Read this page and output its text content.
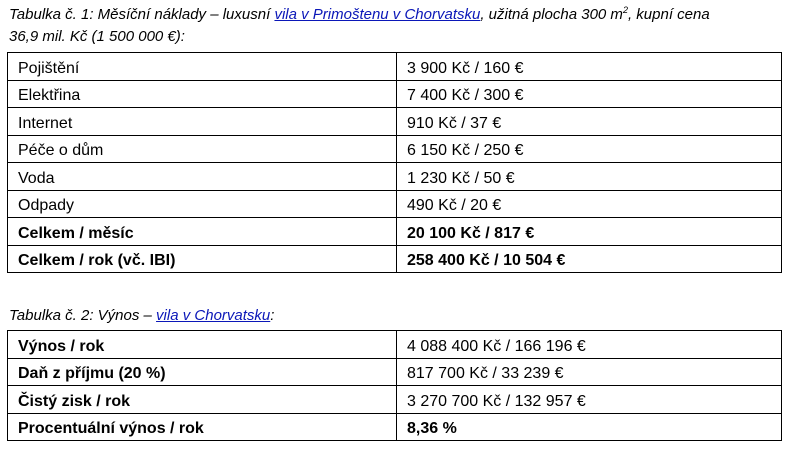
Tabulka č. 1: Měsíční náklady – luxusní vila v Primoštenu v Chorvatsku, užitná plocha 300 $m^2$, kupní cena
36,9 mil. Kč (1 500 000 €):

Pojištění	3 900 Kč / 160 €
Elektřina	7 400 Kč / 300 €
Internet	910 Kč / 37 €
Péče o dům	6 150 Kč / 250 €
Voda	1 230 Kč / 50 €
Odpady	490 Kč / 20 €
Celkem / měsíc	20 100 Kč / 817 €
Celkem / rok (vč. IBI)	258 400 Kč / 10 504 €

Tabulka č. 2: Výnos – vila v Chorvatsku:

Výnos / rok	4 088 400 Kč / 166 196 €
Daň z příjmu (20 %)	817 700 Kč / 33 239 €
Čistý zisk / rok	3 270 700 Kč / 132 957 €
Procentuální výnos / rok	8,36 %
